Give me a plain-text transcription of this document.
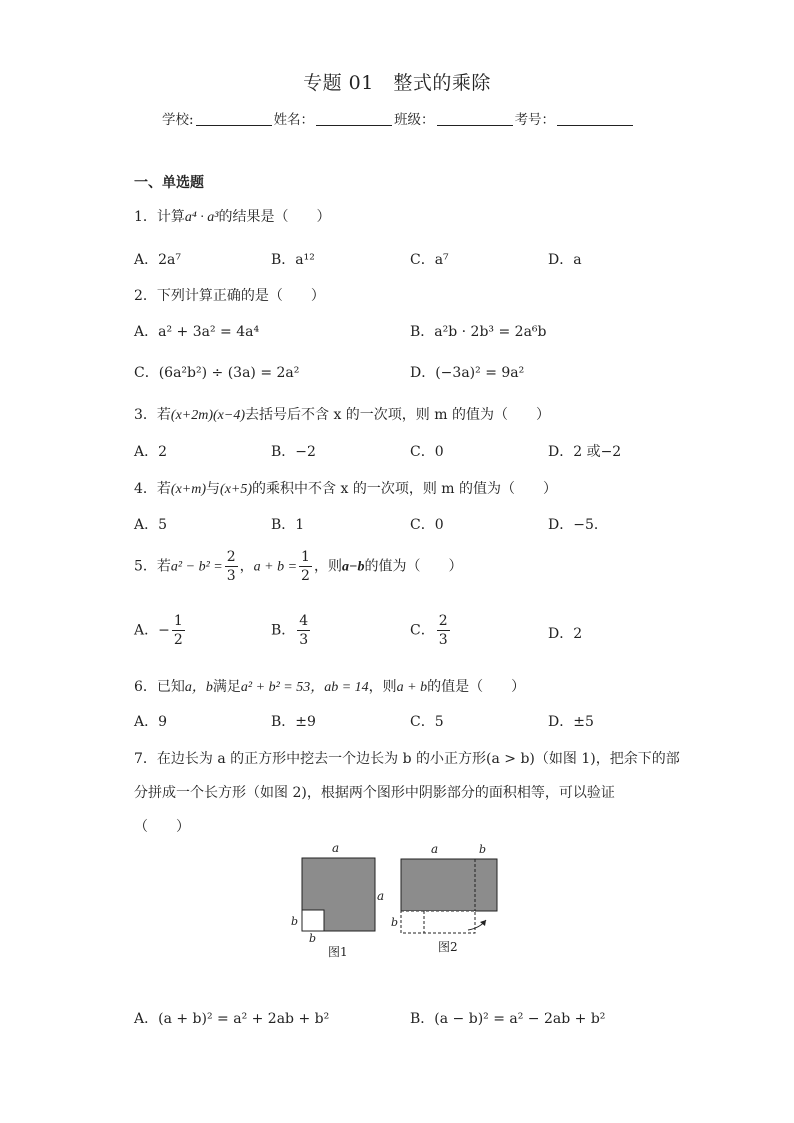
专题 01　整式的乘除
学校:	姓名：	班级：	考号：
一、单选题
1．计算a⁴ · a³的结果是（　　）
A．2a⁷	B．a¹²	C．a⁷	D．a
2．下列计算正确的是（　　）
A．a² + 3a² = 4a⁴	B．a²b · 2b³ = 2a⁶b
C．(6a²b²) ÷ (3a) = 2a²	D．(−3a)² = 9a²
3．若(x+2m)(x−4)去括号后不含 x 的一次项，则 m 的值为（　　）
A．2	B．−2	C．0	D．2 或−2
4．若(x+m)与(x+5)的乘积中不含 x 的一次项，则 m 的值为（　　）
A．5	B．1	C．0	D．−5．
5．若$a^2 - b^2 = \frac{2}{3}$ ，$a + b = \frac{1}{2}$ ，则a−b的值为（　　）
A．− $\frac{1}{2}$	B． $\frac{4}{3}$	C． $\frac{2}{3}$	D．2
6．已知a，b满足a² + b² = 53，ab = 14，则a + b的值是（　　）
A．9	B．±9	C．5	D．±5
7．在边长为 a 的正方形中挖去一个边长为 b 的小正方形(a > b)（如图 1)，把余下的部
分拼成一个长方形（如图 2)，根据两个图形中阴影部分的面积相等，可以验证
（　　）
a
a
b
b
图1
a	b
b
图2
A．(a + b)² = a² + 2ab + b²	B．(a − b)² = a² − 2ab + b²
